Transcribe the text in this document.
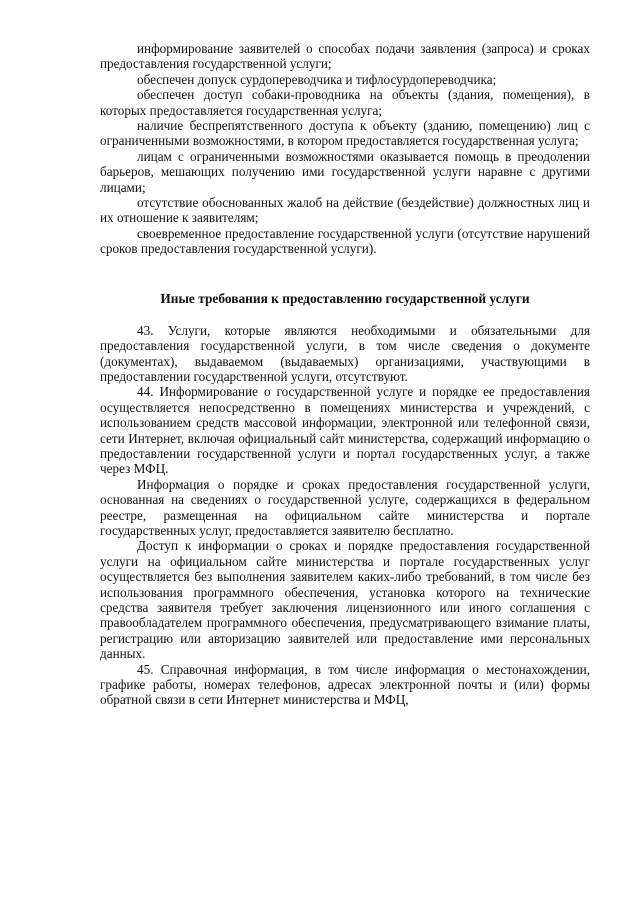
информирование заявителей о способах подачи заявления (запроса) и сроках предоставления государственной услуги;

обеспечен допуск сурдопереводчика и тифлосурдопереводчика;

обеспечен доступ собаки-проводника на объекты (здания, помещения), в которых предоставляется государственная услуга;

наличие беспрепятственного доступа к объекту (зданию, помещению) лиц с ограниченными возможностями, в котором предоставляется государственная услуга;

лицам с ограниченными возможностями оказывается помощь в преодолении барьеров, мешающих получению ими государственной услуги наравне с другими лицами;

отсутствие обоснованных жалоб на действие (бездействие) должностных лиц и их отношение к заявителям;

своевременное предоставление государственной услуги (отсутствие нарушений сроков предоставления государственной услуги).

Иные требования к предоставлению государственной услуги

43. Услуги, которые являются необходимыми и обязательными для предоставления государственной услуги, в том числе сведения о документе (документах), выдаваемом (выдаваемых) организациями, участвующими в предоставлении государственной услуги, отсутствуют.

44. Информирование о государственной услуге и порядке ее предоставления осуществляется непосредственно в помещениях министерства и учреждений, с использованием средств массовой информации, электронной или телефонной связи, сети Интернет, включая официальный сайт министерства, содержащий информацию о предоставлении государственной услуги и портал государственных услуг, а также через МФЦ.

Информация о порядке и сроках предоставления государственной услуги, основанная на сведениях о государственной услуге, содержащихся в федеральном реестре, размещенная на официальном сайте министерства и портале государственных услуг, предоставляется заявителю бесплатно.

Доступ к информации о сроках и порядке предоставления государственной услуги на официальном сайте министерства и портале государственных услуг осуществляется без выполнения заявителем каких-либо требований, в том числе без использования программного обеспечения, установка которого на технические средства заявителя требует заключения лицензионного или иного соглашения с правообладателем программного обеспечения, предусматривающего взимание платы, регистрацию или авторизацию заявителей или предоставление ими персональных данных.

45. Справочная информация, в том числе информация о местонахождении, графике работы, номерах телефонов, адресах электронной почты и (или) формы обратной связи в сети Интернет министерства и МФЦ,
